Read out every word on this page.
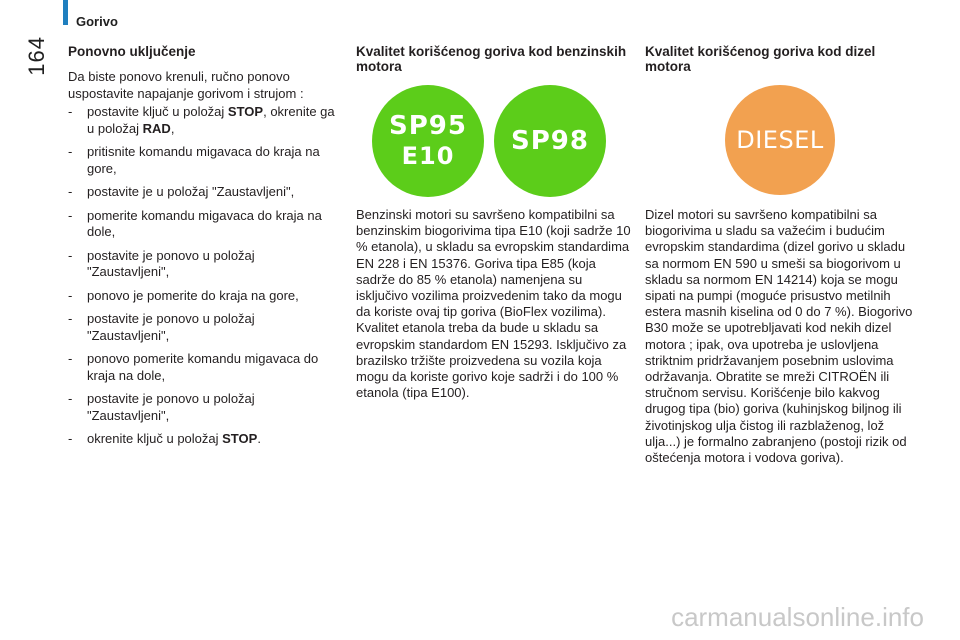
Gorivo
164 Ponovno uključenje

Da biste ponovo krenuli, ručno ponovo uspostavite napajanje gorivom i strujom :

- postavite ključ u položaj STOP, okrenite ga u položaj RAD,
- pritisnite komandu migavaca do kraja na gore,
- postavite je u položaj "Zaustavljeni",
- pomerite komandu migavaca do kraja na dole,
- postavite je ponovo u položaj "Zaustavljeni",
- ponovo je pomerite do kraja na gore,
- postavite je ponovo u položaj "Zaustavljeni",
- ponovo pomerite komandu migavaca do kraja na dole,
- postavite je ponovo u položaj "Zaustavljeni",
- okrenite ključ u položaj STOP.
Kvalitet korišćenog goriva kod benzinskih motora
SP95
E10 SP98

Benzinski motori su savršeno kompatibilni sa benzinskim biogorivima tipa E10 (koji sadrže 10 % etanola), u skladu sa evropskim standardima EN 228 i EN 15376. Goriva tipa E85 (koja sadrže do 85 % etanola) namenjena su isključivo vozilima proizvedenim tako da mogu da koriste ovaj tip goriva (BioFlex vozilima). Kvalitet etanola treba da bude u skladu sa evropskim standardom EN 15293. Isključivo za brazilsko tržište proizvedena su vozila koja mogu da koriste gorivo koje sadrži i do 100 % etanola (tipa E100).

Kvalitet korišćenog goriva kod dizel motora
DIESEL

Dizel motori su savršeno kompatibilni sa biogorivima u sladu sa važećim i budućim evropskim standardima (dizel gorivo u skladu sa normom EN 590 u smeši sa biogorivom u skladu sa normom EN 14214) koja se mogu sipati na pumpi (moguće prisustvo metilnih estera masnih kiselina od 0 do 7 %). Biogorivo B30 može se upotrebljavati kod nekih dizel motora ; ipak, ova upotreba je uslovljena striktnim pridržavanjem posebnim uslovima održavanja. Obratite se mreži CITROËN ili stručnom servisu. Korišćenje bilo kakvog drugog tipa (bio) goriva (kuhinjskog biljnog ili životinjskog ulja čistog ili razblaženog, lož ulja...) je formalno zabranjeno (postoji rizik od oštećenja motora i vodova goriva).

carmanualsonline.info
